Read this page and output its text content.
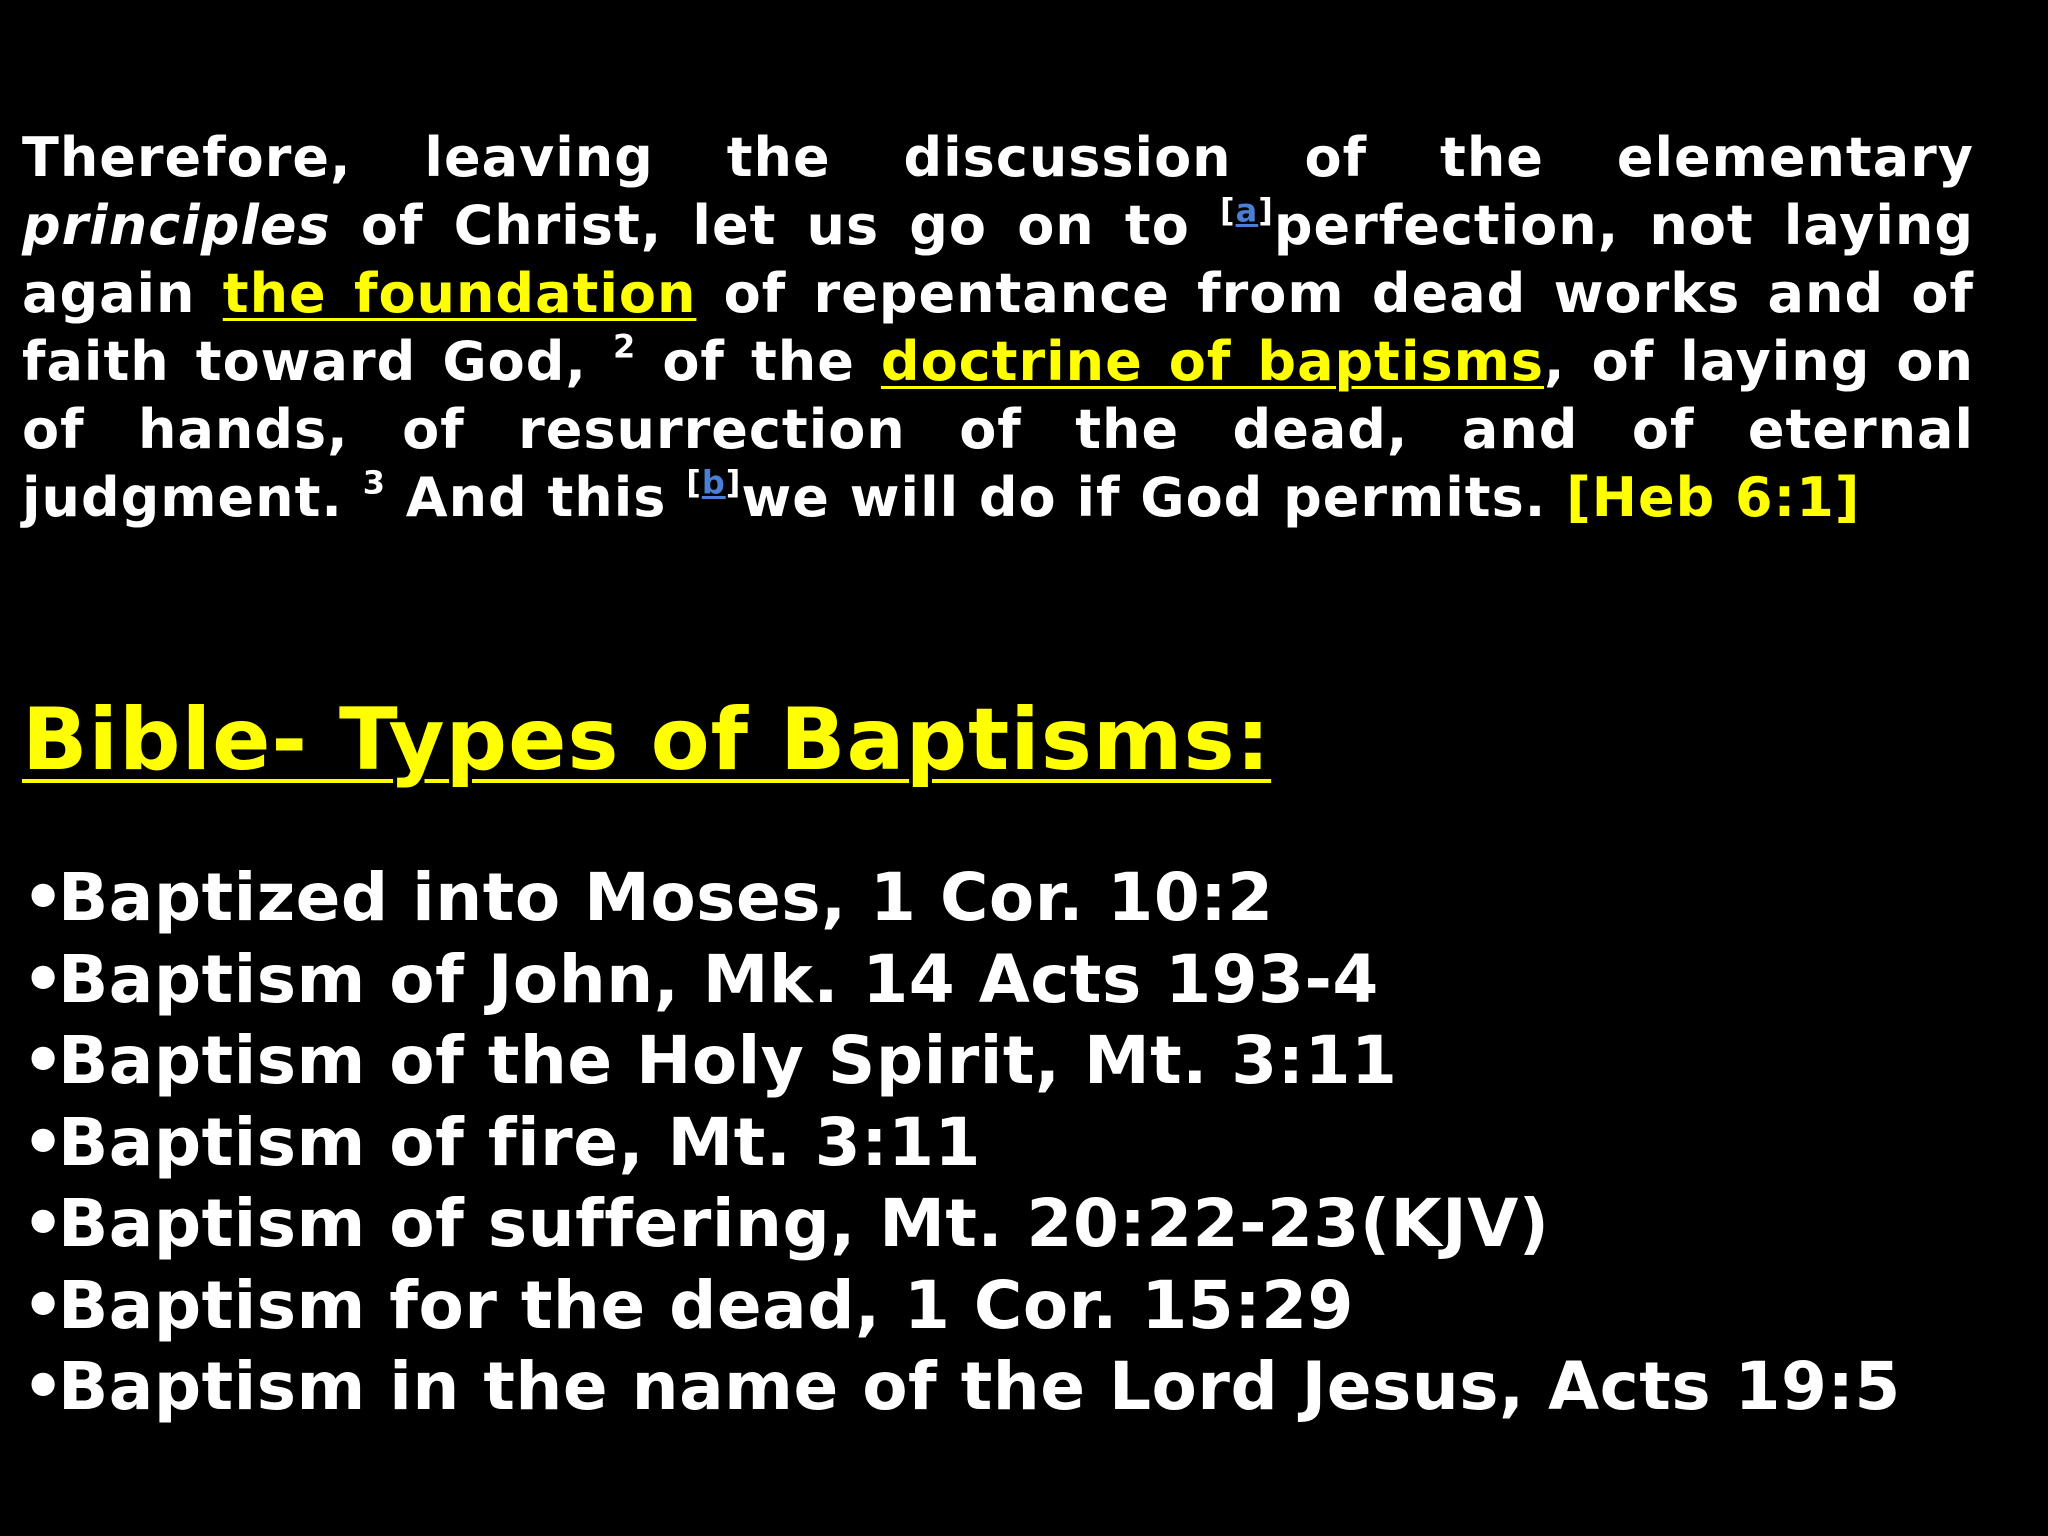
Therefore, leaving the discussion of the elementary principles of Christ, let us go on to [a]perfection, not laying again the foundation of repentance from dead works and of faith toward God, $^2$ of the doctrine of baptisms, of laying on of hands, of resurrection of the dead, and of eternal judgment. $^3$ And this [b]we will do if God permits. [Heb 6:1]

Bible- Types of Baptisms:
•Baptized into Moses, 1 Cor. 10:2
•Baptism of John, Mk. 14 Acts 193-4
•Baptism of the Holy Spirit, Mt. 3:11
•Baptism of fire, Mt. 3:11
•Baptism of suffering, Mt. 20:22-23(KJV)
•Baptism for the dead, 1 Cor. 15:29
•Baptism in the name of the Lord Jesus, Acts 19:5
